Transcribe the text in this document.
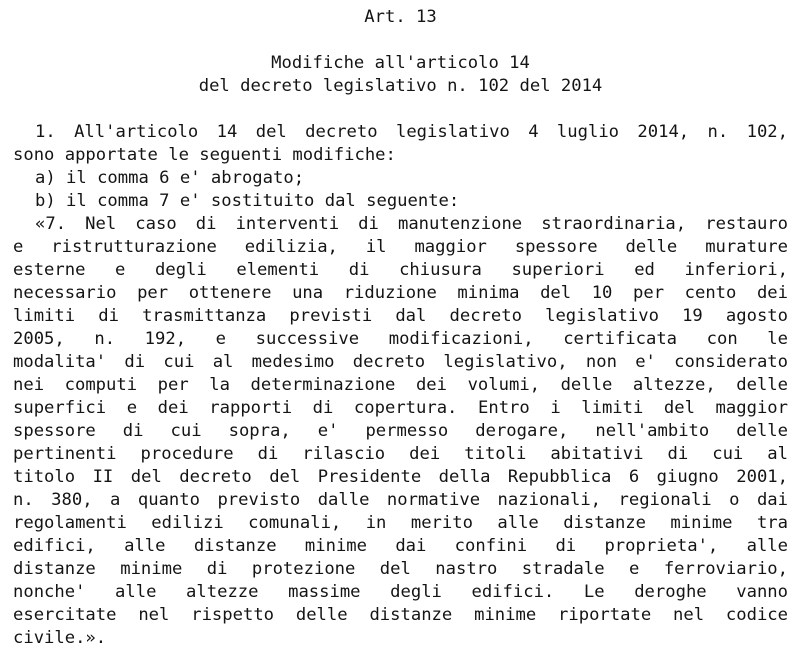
Art. 13
Modifiche all'articolo 14
del decreto legislativo n. 102 del 2014
1. All'articolo 14 del decreto legislativo 4 luglio 2014, n. 102,
sono apportate le seguenti modifiche:
a) il comma 6 e' abrogato;
b) il comma 7 e' sostituito dal seguente:
«7. Nel caso di interventi di manutenzione straordinaria, restauro
e ristrutturazione edilizia, il maggior spessore delle murature
esterne e degli elementi di chiusura superiori ed inferiori,
necessario per ottenere una riduzione minima del 10 per cento dei
limiti di trasmittanza previsti dal decreto legislativo 19 agosto
2005, n. 192, e successive modificazioni, certificata con le
modalita' di cui al medesimo decreto legislativo, non e' considerato
nei computi per la determinazione dei volumi, delle altezze, delle
superfici e dei rapporti di copertura. Entro i limiti del maggior
spessore di cui sopra, e' permesso derogare, nell'ambito delle
pertinenti procedure di rilascio dei titoli abitativi di cui al
titolo II del decreto del Presidente della Repubblica 6 giugno 2001,
n. 380, a quanto previsto dalle normative nazionali, regionali o dai
regolamenti edilizi comunali, in merito alle distanze minime tra
edifici, alle distanze minime dai confini di proprieta', alle
distanze minime di protezione del nastro stradale e ferroviario,
nonche' alle altezze massime degli edifici. Le deroghe vanno
esercitate nel rispetto delle distanze minime riportate nel codice
civile.».
